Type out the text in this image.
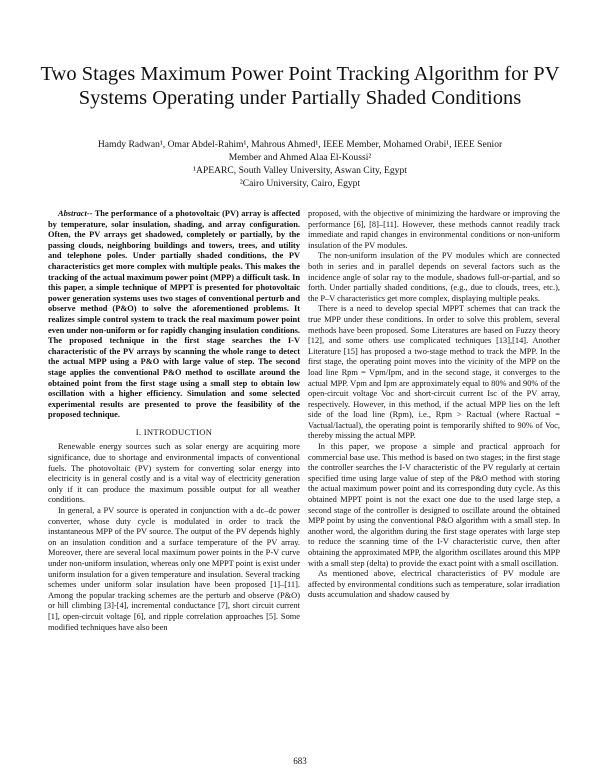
Two Stages Maximum Power Point Tracking Algorithm for PV Systems Operating under Partially Shaded Conditions
Hamdy Radwan¹, Omar Abdel-Rahim¹, Mahrous Ahmed¹, IEEE Member, Mohamed Orabi¹, IEEE Senior
Member and Ahmed Alaa El-Koussi²
¹APEARC, South Valley University, Aswan City, Egypt
²Cairo University, Cairo, Egypt

Abstract-- The performance of a photovoltaic (PV) array is affected by temperature, solar insulation, shading, and array configuration. Often, the PV arrays get shadowed, completely or partially, by the passing clouds, neighboring buildings and towers, trees, and utility and telephone poles. Under partially shaded conditions, the PV characteristics get more complex with multiple peaks. This makes the tracking of the actual maximum power point (MPP) a difficult task. In this paper, a simple technique of MPPT is presented for photovoltaic power generation systems uses two stages of conventional perturb and observe method (P&O) to solve the aforementioned problems. It realizes simple control system to track the real maximum power point even under non-uniform or for rapidly changing insulation conditions. The proposed technique in the first stage searches the I-V characteristic of the PV arrays by scanning the whole range to detect the actual MPP using a P&O with large value of step. The second stage applies the conventional P&O method to oscillate around the obtained point from the first stage using a small step to obtain low oscillation with a higher efficiency. Simulation and some selected experimental results are presented to prove the feasibility of the proposed technique.

I. INTRODUCTION

Renewable energy sources such as solar energy are acquiring more significance, due to shortage and environmental impacts of conventional fuels. The photovoltaic (PV) system for converting solar energy into electricity is in general costly and is a vital way of electricity generation only if it can produce the maximum possible output for all weather conditions.

In general, a PV source is operated in conjunction with a dc–dc power converter, whose duty cycle is modulated in order to track the instantaneous MPP of the PV source. The output of the PV depends highly on an insulation condition and a surface temperature of the PV array. Moreover, there are several local maximum power points in the P-V curve under non-uniform insulation, whereas only one MPPT point is exist under uniform insulation for a given temperature and insulation. Several tracking schemes under uniform solar insulation have been proposed [1]–[11]. Among the popular tracking schemes are the perturb and observe (P&O) or hill climbing [3]-[4], incremental conductance [7], short circuit current [1], open-circuit voltage [6], and ripple correlation approaches [5]. Some modified techniques have also been

proposed, with the objective of minimizing the hardware or improving the performance [6], [8]–[11]. However, these methods cannot readily track immediate and rapid changes in environmental conditions or non-uniform insulation of the PV modules.

The non-uniform insulation of the PV modules which are connected both in series and in parallel depends on several factors such as the incidence angle of solar ray to the module, shadows full-or-partial, and so forth. Under partially shaded conditions, (e.g., due to clouds, trees, etc.), the P–V characteristics get more complex, displaying multiple peaks.

There is a need to develop special MPPT schemes that can track the true MPP under these conditions. In order to solve this problem, several methods have been proposed. Some Literatures are based on Fuzzy theory [12], and some others use complicated techniques [13],[14]. Another Literature [15] has proposed a two-stage method to track the MPP. In the first stage, the operating point moves into the vicinity of the MPP on the load line Rpm = Vpm/Ipm, and in the second stage, it converges to the actual MPP. Vpm and Ipm are approximately equal to 80% and 90% of the open-circuit voltage Voc and short-circuit current Isc of the PV array, respectively. However, in this method, if the actual MPP lies on the left side of the load line (Rpm), i.e., Rpm > Ractual (where Ractual = Vactual/Iactual), the operating point is temporarily shifted to 90% of Voc, thereby missing the actual MPP.

In this paper, we propose a simple and practical approach for commercial base use. This method is based on two stages; in the first stage the controller searches the I-V characteristic of the PV regularly at certain specified time using large value of step of the P&O method with storing the actual maximum power point and its corresponding duty cycle. As this obtained MPPT point is not the exact one due to the used large step, a second stage of the controller is designed to oscillate around the obtained MPP point by using the conventional P&O algorithm with a small step. In another word, the algorithm during the first stage operates with large step to reduce the scanning time of the I-V characteristic curve, then after obtaining the approximated MPP, the algorithm oscillates around this MPP with a small step (delta) to provide the exact point with a small oscillation.

As mentioned above, electrical characteristics of PV module are affected by environmental conditions such as temperature, solar irradiation dusts accumulation and shadow caused by

683
